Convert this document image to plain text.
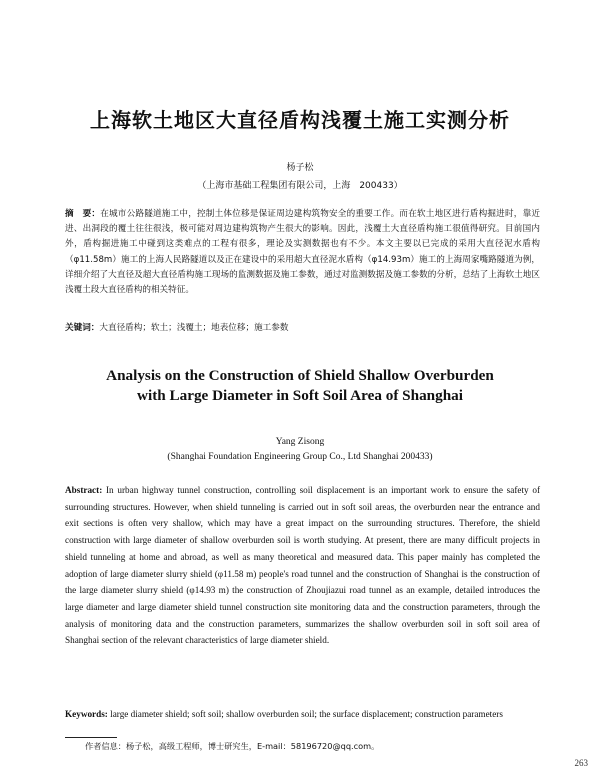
上海软土地区大直径盾构浅覆土施工实测分析
杨子松
（上海市基础工程集团有限公司，上海　200433）
摘　要：在城市公路隧道施工中，控制土体位移是保证周边建构筑物安全的重要工作。而在软土地区进行盾构掘进时，靠近进、出洞段的覆土往往很浅，极可能对周边建构筑物产生很大的影响。因此，浅覆土大直径盾构施工很值得研究。目前国内外，盾构掘进施工中碰到这类难点的工程有很多，理论及实测数据也有不少。本文主要以已完成的采用大直径泥水盾构（φ11.58m）施工的上海人民路隧道以及正在建设中的采用超大直径泥水盾构（φ14.93m）施工的上海周家嘴路隧道为例，详细介绍了大直径及超大直径盾构施工现场的监测数据及施工参数，通过对监测数据及施工参数的分析，总结了上海软土地区浅覆土段大直径盾构的相关特征。
关键词：大直径盾构；软土；浅覆土；地表位移；施工参数
Analysis on the Construction of Shield Shallow Overburden
with Large Diameter in Soft Soil Area of Shanghai
Yang Zisong
(Shanghai Foundation Engineering Group Co., Ltd Shanghai 200433)
Abstract: In urban highway tunnel construction, controlling soil displacement is an important work to ensure the safety of surrounding structures. However, when shield tunneling is carried out in soft soil areas, the overburden near the entrance and exit sections is often very shallow, which may have a great impact on the surrounding structures. Therefore, the shield construction with large diameter of shallow overburden soil is worth studying. At present, there are many difficult projects in shield tunneling at home and abroad, as well as many theoretical and measured data. This paper mainly has completed the adoption of large diameter slurry shield (φ11.58 m) people's road tunnel and the construction of Shanghai is the construction of the large diameter slurry shield (φ14.93 m) the construction of Zhoujiazui road tunnel as an example, detailed introduces the large diameter and large diameter shield tunnel construction site monitoring data and the construction parameters, through the analysis of monitoring data and the construction parameters, summarizes the shallow overburden soil in soft soil area of Shanghai section of the relevant characteristics of large diameter shield.
Keywords: large diameter shield; soft soil; shallow overburden soil; the surface displacement; construction parameters
作者信息：杨子松，高级工程师，博士研究生，E-mail：58196720@qq.com。
263
